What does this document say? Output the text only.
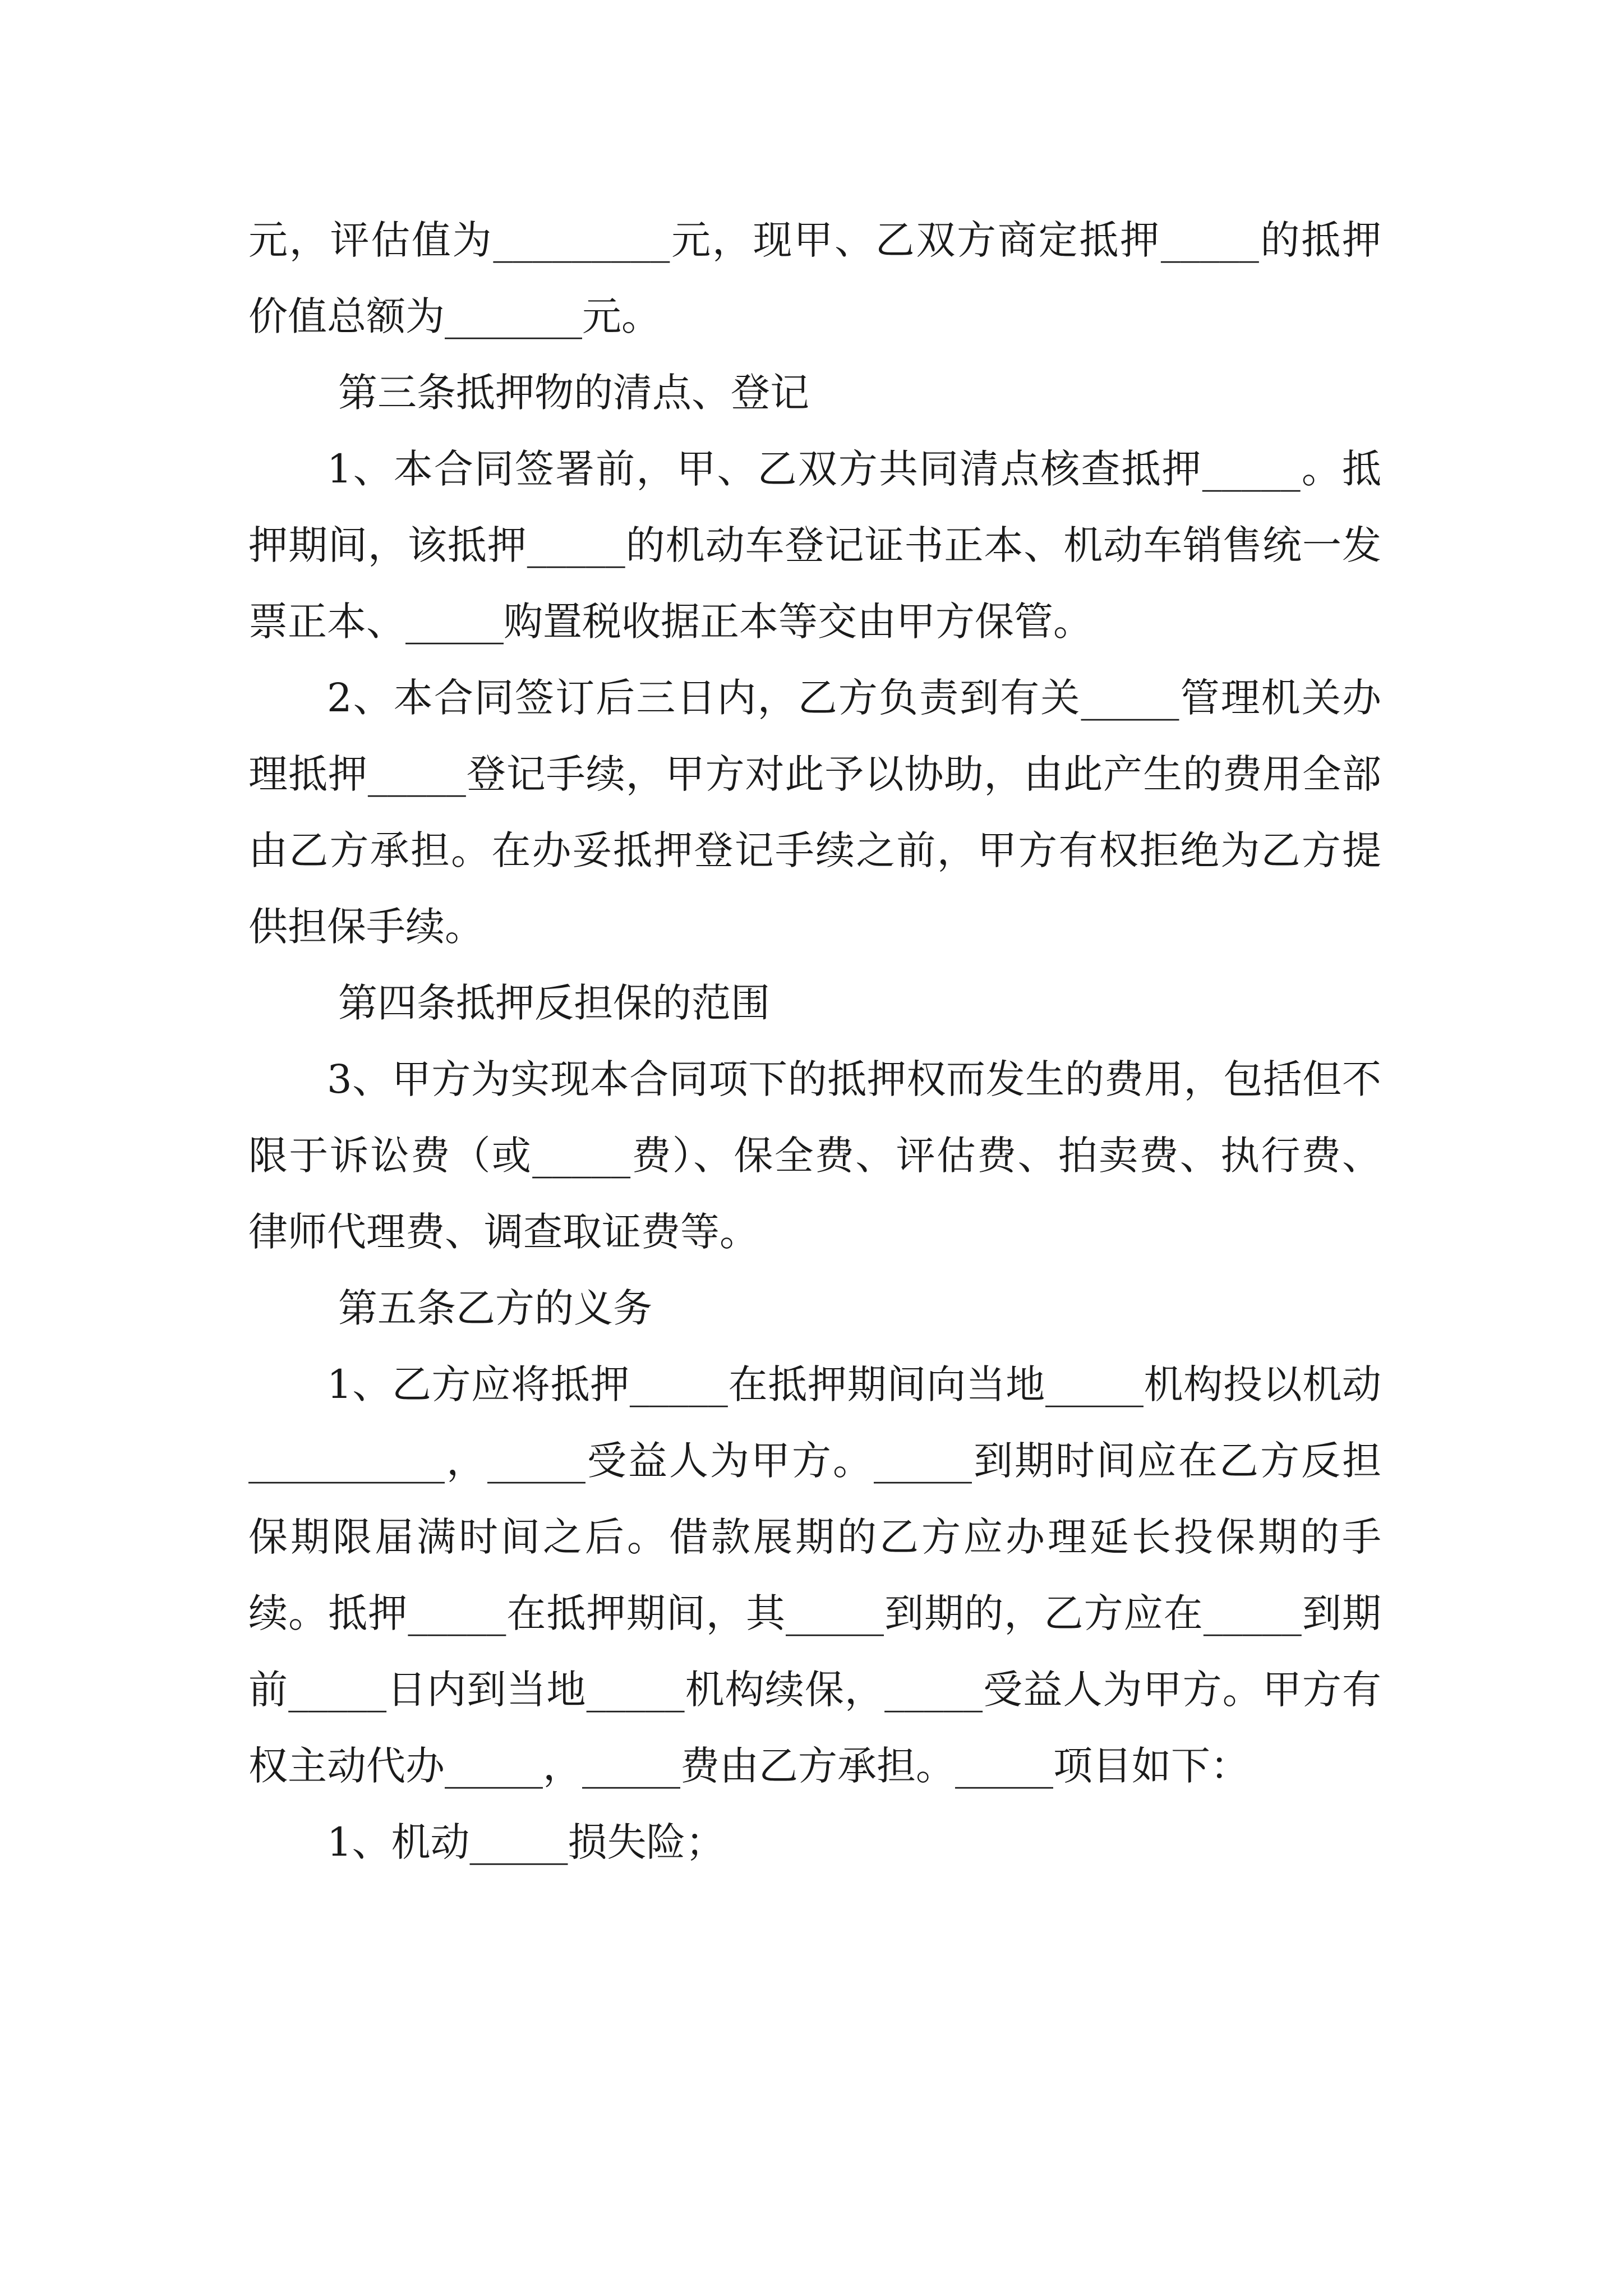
元，评估值为_________元，现甲、乙双方商定抵押_____的抵押价值总额为_______元。

第三条抵押物的清点、登记

1、本合同签署前，甲、乙双方共同清点核查抵押_____。抵押期间，该抵押_____的机动车登记证书正本、机动车销售统一发票正本、_____购置税收据正本等交由甲方保管。

2、本合同签订后三日内，乙方负责到有关_____管理机关办理抵押_____登记手续，甲方对此予以协助，由此产生的费用全部由乙方承担。在办妥抵押登记手续之前，甲方有权拒绝为乙方提供担保手续。

第四条抵押反担保的范围

3、甲方为实现本合同项下的抵押权而发生的费用，包括但不限于诉讼费（或_____费）、保全费、评估费、拍卖费、执行费、律师代理费、调查取证费等。

第五条乙方的义务

1、乙方应将抵押_____在抵押期间向当地_____机构投以机动__________，_____受益人为甲方。_____到期时间应在乙方反担保期限届满时间之后。借款展期的乙方应办理延长投保期的手续。抵押_____在抵押期间，其_____到期的，乙方应在_____到期前_____日内到当地_____机构续保，_____受益人为甲方。甲方有权主动代办_____，_____费由乙方承担。_____项目如下：

1、机动_____损失险；
